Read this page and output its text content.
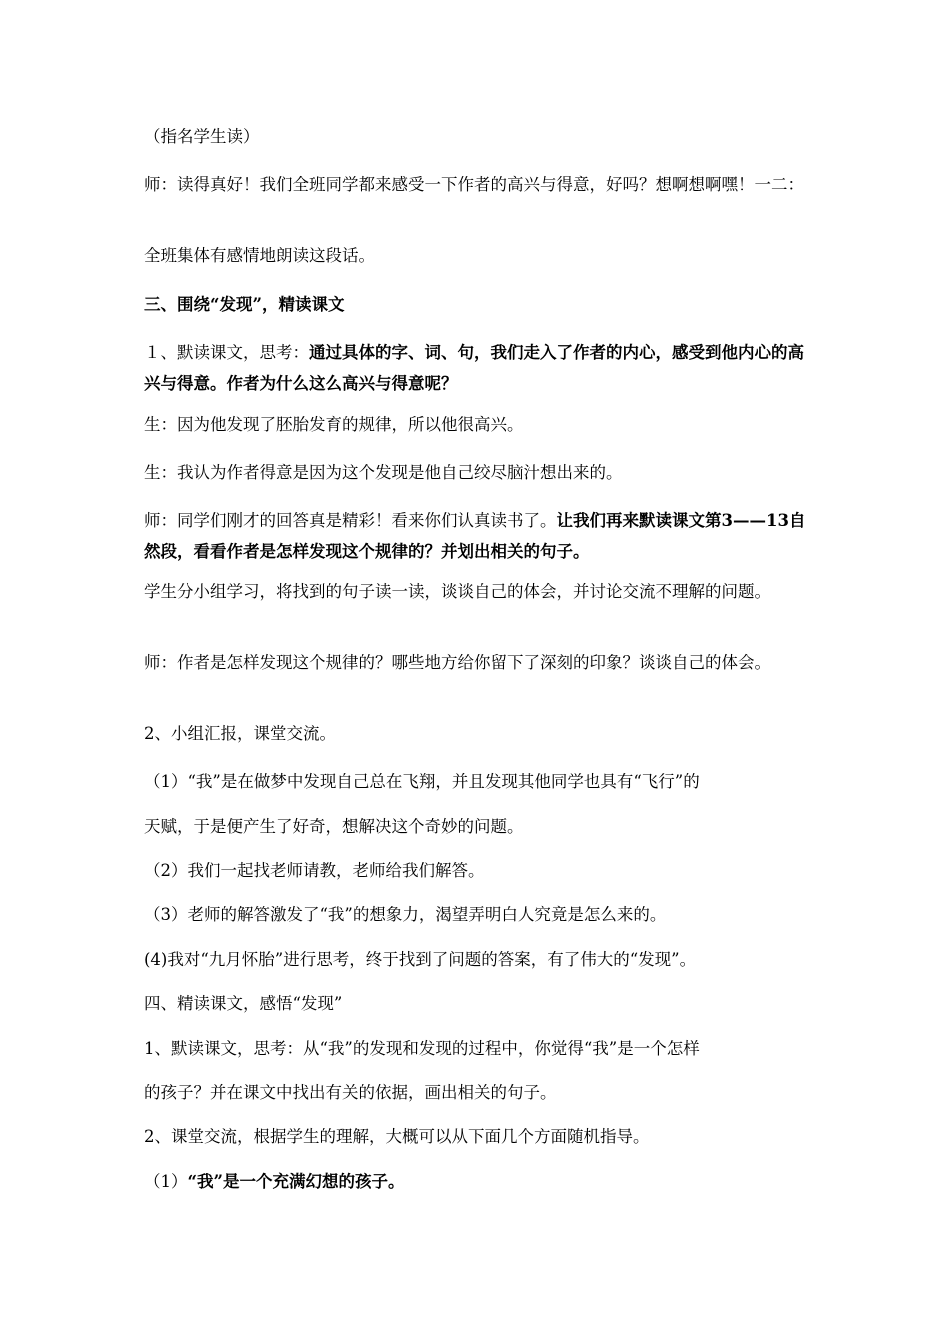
（指名学生读）

师：读得真好！我们全班同学都来感受一下作者的高兴与得意，好吗？想啊想啊嘿！一二：

全班集体有感情地朗读这段话。

三、围绕“发现”，精读课文

１、默读课文，思考：通过具体的字、词、句，我们走入了作者的内心，感受到他内心的高兴与得意。作者为什么这么高兴与得意呢？

生：因为他发现了胚胎发育的规律，所以他很高兴。

生：我认为作者得意是因为这个发现是他自己绞尽脑汁想出来的。

师：同学们刚才的回答真是精彩！看来你们认真读书了。让我们再来默读课文第3——13自然段，看看作者是怎样发现这个规律的？并划出相关的句子。

学生分小组学习，将找到的句子读一读，谈谈自己的体会，并讨论交流不理解的问题。

师：作者是怎样发现这个规律的？哪些地方给你留下了深刻的印象？谈谈自己的体会。

2、小组汇报，课堂交流。

（1）“我”是在做梦中发现自己总在飞翔，并且发现其他同学也具有“飞行”的

天赋，于是便产生了好奇，想解决这个奇妙的问题。

（2）我们一起找老师请教，老师给我们解答。

（3）老师的解答激发了“我”的想象力，渴望弄明白人究竟是怎么来的。

(4)我对“九月怀胎”进行思考，终于找到了问题的答案，有了伟大的“发现”。

四、精读课文，感悟“发现”

1、默读课文，思考：从“我”的发现和发现的过程中，你觉得“我”是一个怎样

的孩子？并在课文中找出有关的依据，画出相关的句子。

2、课堂交流，根据学生的理解，大概可以从下面几个方面随机指导。

（1）“我”是一个充满幻想的孩子。
